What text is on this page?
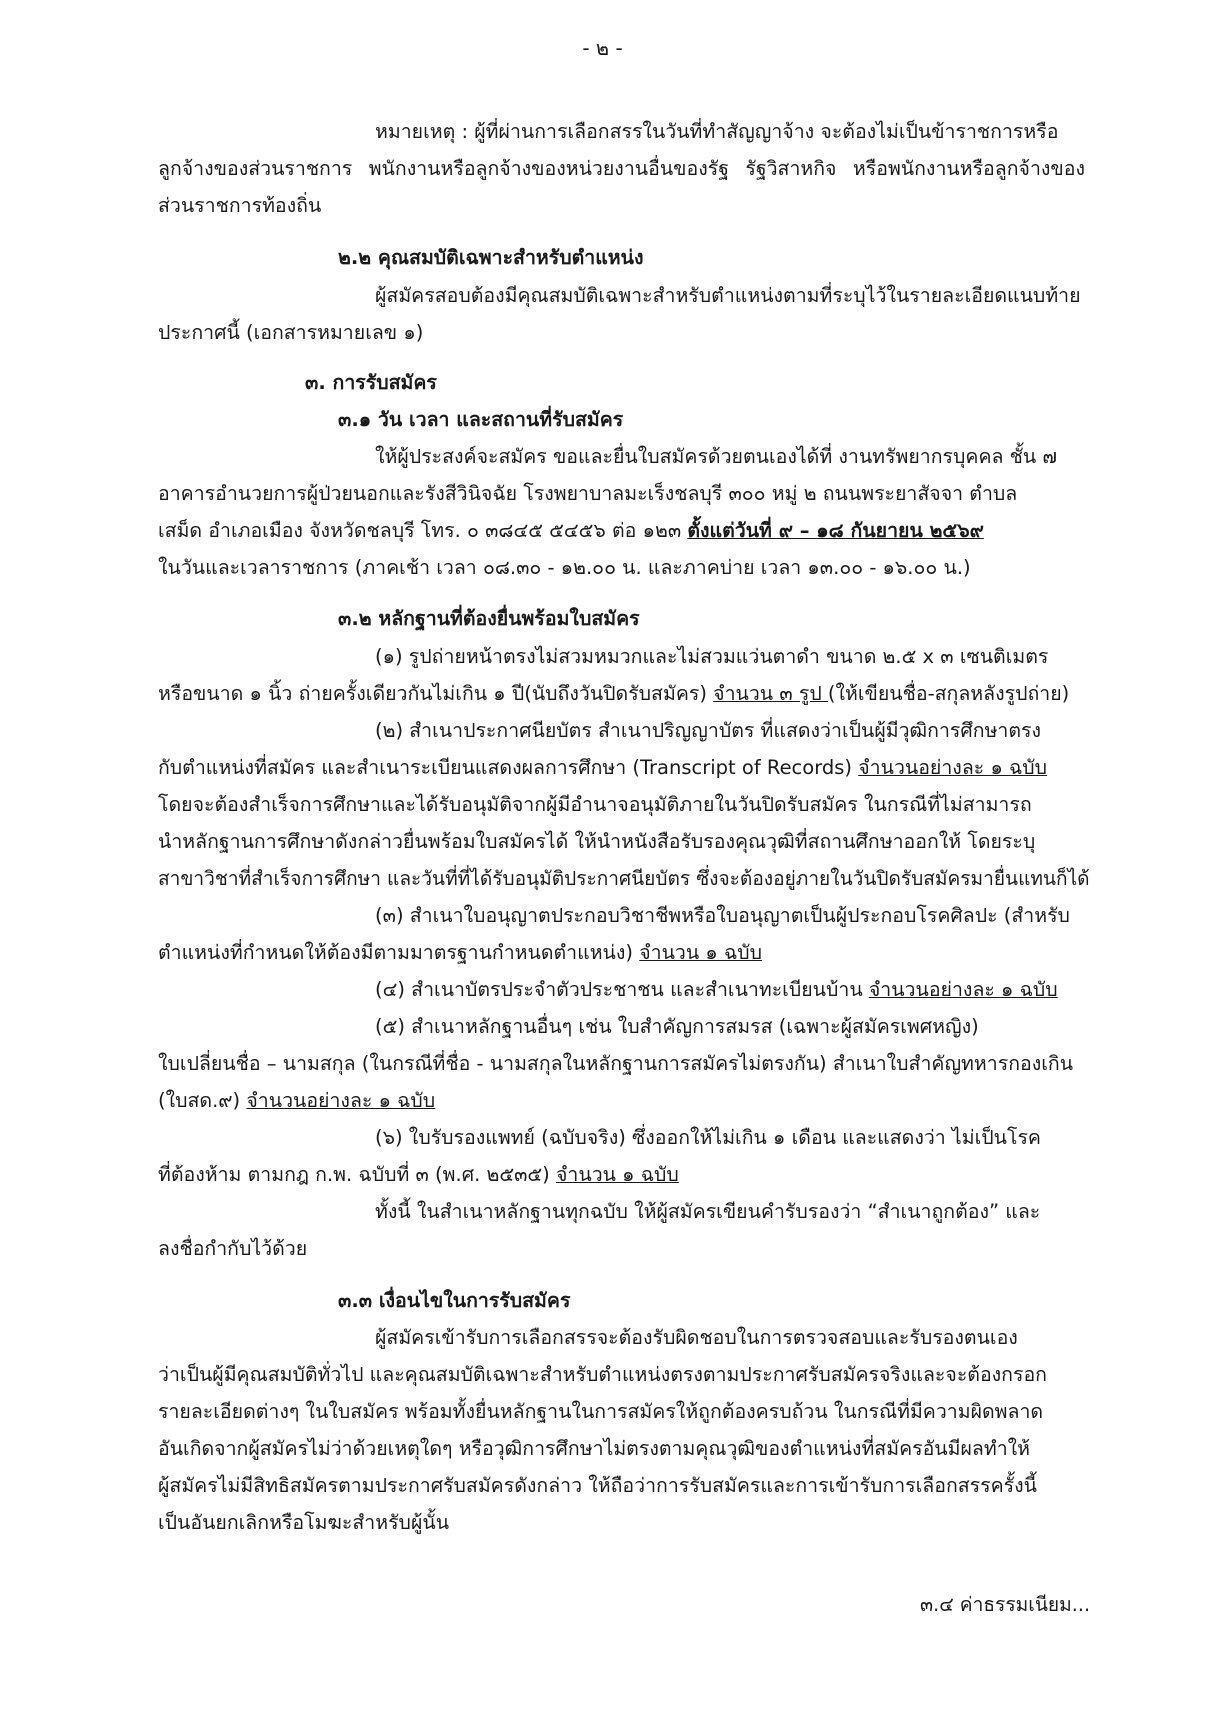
- ๒ -
หมายเหตุ : ผู้ที่ผ่านการเลือกสรรในวันที่ทำสัญญาจ้าง จะต้องไม่เป็นข้าราชการหรือ
ลูกจ้างของส่วนราชการ พนักงานหรือลูกจ้างของหน่วยงานอื่นของรัฐ รัฐวิสาหกิจ หรือพนักงานหรือลูกจ้างของ
ส่วนราชการท้องถิ่น
๒.๒ คุณสมบัติเฉพาะสำหรับตำแหน่ง
ผู้สมัครสอบต้องมีคุณสมบัติเฉพาะสำหรับตำแหน่งตามที่ระบุไว้ในรายละเอียดแนบท้าย
ประกาศนี้ (เอกสารหมายเลข ๑)
๓. การรับสมัคร
๓.๑ วัน เวลา และสถานที่รับสมัคร
ให้ผู้ประสงค์จะสมัคร ขอและยื่นใบสมัครด้วยตนเองได้ที่ งานทรัพยากรบุคคล ชั้น ๗
อาคารอำนวยการผู้ป่วยนอกและรังสีวินิจฉัย โรงพยาบาลมะเร็งชลบุรี ๓๐๐ หมู่ ๒ ถนนพระยาสัจจา ตำบล
เสม็ด อำเภอเมือง จังหวัดชลบุรี โทร. ๐ ๓๘๔๕ ๕๔๕๖ ต่อ ๑๒๓ ตั้งแต่วันที่ ๙ – ๑๘ กันยายน ๒๕๖๙
ในวันและเวลาราชการ (ภาคเช้า เวลา ๐๘.๓๐ - ๑๒.๐๐ น. และภาคบ่าย เวลา ๑๓.๐๐ - ๑๖.๐๐ น.)
๓.๒ หลักฐานที่ต้องยื่นพร้อมใบสมัคร
(๑) รูปถ่ายหน้าตรงไม่สวมหมวกและไม่สวมแว่นตาดำ ขนาด ๒.๕ x ๓ เซนติเมตร
หรือขนาด ๑ นิ้ว ถ่ายครั้งเดียวกันไม่เกิน ๑ ปี(นับถึงวันปิดรับสมัคร) จำนวน ๓ รูป (ให้เขียนชื่อ-สกุลหลังรูปถ่าย)
(๒) สำเนาประกาศนียบัตร สำเนาปริญญาบัตร ที่แสดงว่าเป็นผู้มีวุฒิการศึกษาตรง
กับตำแหน่งที่สมัคร และสำเนาระเบียนแสดงผลการศึกษา (Transcript of Records) จำนวนอย่างละ ๑ ฉบับ
โดยจะต้องสำเร็จการศึกษาและได้รับอนุมัติจากผู้มีอำนาจอนุมัติภายในวันปิดรับสมัคร ในกรณีที่ไม่สามารถ
นำหลักฐานการศึกษาดังกล่าวยื่นพร้อมใบสมัครได้ ให้นำหนังสือรับรองคุณวุฒิที่สถานศึกษาออกให้ โดยระบุ
สาขาวิชาที่สำเร็จการศึกษา และวันที่ที่ได้รับอนุมัติประกาศนียบัตร ซึ่งจะต้องอยู่ภายในวันปิดรับสมัครมายื่นแทนก็ได้
(๓) สำเนาใบอนุญาตประกอบวิชาชีพหรือใบอนุญาตเป็นผู้ประกอบโรคศิลปะ (สำหรับ
ตำแหน่งที่กำหนดให้ต้องมีตามมาตรฐานกำหนดตำแหน่ง) จำนวน ๑ ฉบับ
(๔) สำเนาบัตรประจำตัวประชาชน และสำเนาทะเบียนบ้าน จำนวนอย่างละ ๑ ฉบับ
(๕) สำเนาหลักฐานอื่นๆ เช่น ใบสำคัญการสมรส (เฉพาะผู้สมัครเพศหญิง)
ใบเปลี่ยนชื่อ – นามสกุล (ในกรณีที่ชื่อ - นามสกุลในหลักฐานการสมัครไม่ตรงกัน) สำเนาใบสำคัญทหารกองเกิน
(ใบสด.๙) จำนวนอย่างละ ๑ ฉบับ
(๖) ใบรับรองแพทย์ (ฉบับจริง) ซึ่งออกให้ไม่เกิน ๑ เดือน และแสดงว่า ไม่เป็นโรค
ที่ต้องห้าม ตามกฎ ก.พ. ฉบับที่ ๓ (พ.ศ. ๒๕๓๕) จำนวน ๑ ฉบับ
ทั้งนี้ ในสำเนาหลักฐานทุกฉบับ ให้ผู้สมัครเขียนคำรับรองว่า “สำเนาถูกต้อง” และ
ลงชื่อกำกับไว้ด้วย
๓.๓ เงื่อนไขในการรับสมัคร
ผู้สมัครเข้ารับการเลือกสรรจะต้องรับผิดชอบในการตรวจสอบและรับรองตนเอง
ว่าเป็นผู้มีคุณสมบัติทั่วไป และคุณสมบัติเฉพาะสำหรับตำแหน่งตรงตามประกาศรับสมัครจริงและจะต้องกรอก
รายละเอียดต่างๆ ในใบสมัคร พร้อมทั้งยื่นหลักฐานในการสมัครให้ถูกต้องครบถ้วน ในกรณีที่มีความผิดพลาด
อันเกิดจากผู้สมัครไม่ว่าด้วยเหตุใดๆ หรือวุฒิการศึกษาไม่ตรงตามคุณวุฒิของตำแหน่งที่สมัครอันมีผลทำให้
ผู้สมัครไม่มีสิทธิสมัครตามประกาศรับสมัครดังกล่าว ให้ถือว่าการรับสมัครและการเข้ารับการเลือกสรรครั้งนี้
เป็นอันยกเลิกหรือโมฆะสำหรับผู้นั้น
๓.๔ ค่าธรรมเนียม...
